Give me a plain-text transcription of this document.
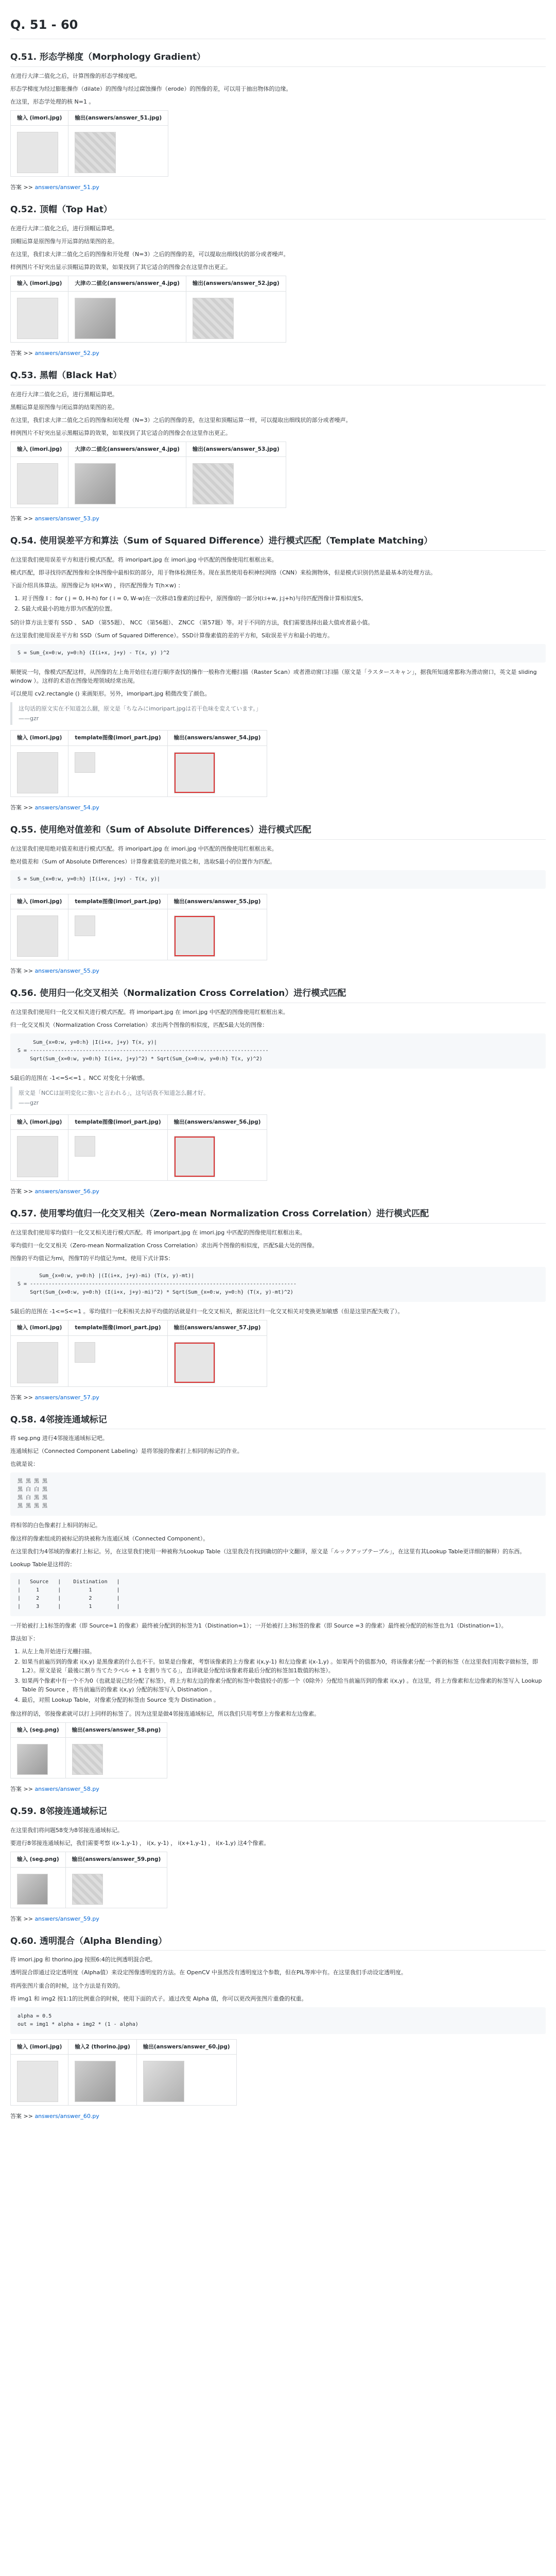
Q. 51 - 60
Q.51. 形态学梯度（Morphology Gradient）

在进行大津二值化之后，计算图像的形态学梯度吧。

形态学梯度为经过膨胀操作（dilate）的图像与经过腐蚀操作（erode）的图像的差，可以用于抽出物体的边缘。

在这里，形态学处理的核 N=1 。

输入 (imori.jpg)	输出(answers/answer_51.jpg)

答案 >> answers/answer_51.py

Q.52. 顶帽（Top Hat）

在进行大津二值化之后，进行顶帽运算吧。

顶帽运算是原图像与开运算的结果图的差。

在这里，我们求大津二值化之后的图像和开处理（N=3）之后的图像的差，可以提取出细线状的部分或者噪声。

样例图片不好突出显示顶帽运算的效果，如果找到了其它适合的图像会在这里作出更正。

输入 (imori.jpg)	大津の二値化(answers/answer_4.jpg)	输出(answers/answer_52.jpg)

答案 >> answers/answer_52.py

Q.53. 黑帽（Black Hat）

在进行大津二值化之后，进行黑帽运算吧。

黑帽运算是原图像与闭运算的结果图的差。

在这里，我们求大津二值化之后的图像和闭处理（N=3）之后的图像的差，在这里和顶帽运算一样，可以提取出细线状的部分或者噪声。

样例图片不好突出显示黑帽运算的效果，如果找到了其它适合的图像会在这里作出更正。

输入 (imori.jpg)	大津の二値化(answers/answer_4.jpg)	输出(answers/answer_53.jpg)

答案 >> answers/answer_53.py

Q.54. 使用误差平方和算法（Sum of Squared Difference）进行模式匹配（Template Matching）

在这里我们使用误差平方和进行模式匹配。将 imoripart.jpg 在 imori.jpg 中匹配的图像使用红框框出来。

模式匹配，即寻找待匹配图像和全体图像中最相似的部分，用于物体检测任务。现在虽然使用卷积神经网络（CNN）来检测物体，但是模式识别仍然是最基本的处理方法。

下面介绍具体算法。原图像记为 I(H×W) ，待匹配图像为 T(h×w) ：

1. 对于图像 I ：for ( j = 0, H-h) for ( i = 0, W-w)在一次移动1像素的过程中，原图像I的一部分I(i:i+w, j:j+h)与待匹配图像计算相似度S。
2. S最大或最小的地方即为匹配的位置。

S的计算方法主要有 SSD 、 SAD （第55题）、 NCC （第56题）、 ZNCC （第57题）等。对于不同的方法，我们需要选择出最大值或者最小值。

在这里我们使用误差平方和 SSD（Sum of Squared Difference）。SSD计算像素值的差的平方和，S取误差平方和最小的地方。

S = Sum_{x=0:w, y=0:h} (I(i+x, j+y) - T(x, y) )^2

顺便说一句，像模式匹配这样，从图像的左上角开始往右进行顺序查找的操作一般称作光栅扫描（Raster Scan）或者滑动窗口扫描（原文是「ラスタースキャン」，据我所知通常都称为滑动窗口，英文是 sliding window ）。这样的术语在图像处理领域经常出现。

可以使用 cv2.rectangle () 来画矩形。另外，imoripart.jpg 稍微改变了颜色。

这句话的原文实在不知道怎么翻，原文是「ちなみにimoripart.jpgは若干色味を変えています。」

——gzr

输入 (imori.jpg)	template图像(imori_part.jpg)	输出(answers/answer_54.jpg)

答案 >> answers/answer_54.py

Q.55. 使用绝对值差和（Sum of Absolute Differences）进行模式匹配

在这里我们使用绝对值差和进行模式匹配。将 imoripart.jpg 在 imori.jpg 中匹配的图像使用红框框出来。

绝对值差和（Sum of Absolute Differences）计算像素值差的绝对值之和，选取S最小的位置作为匹配。

S = Sum_{x=0:w, y=0:h} |I(i+x, j+y) - T(x, y)|
输入 (imori.jpg)	template图像(imori_part.jpg)	输出(answers/answer_55.jpg)

答案 >> answers/answer_55.py

Q.56. 使用归一化交叉相关（Normalization Cross Correlation）进行模式匹配

在这里我们使用归一化交叉相关进行模式匹配。将 imoripart.jpg 在 imori.jpg 中匹配的图像使用红框框出来。

归一化交叉相关（Normalization Cross Correlation）求出两个图像的相似度，匹配S最大处的图像：

Sum_{x=0:w, y=0:h} |I(i+x, j+y) T(x, y)|
S = -----------------------------------------------------------------------------
Sqrt(Sum_{x=0:w, y=0:h} I(i+x, j+y)^2) * Sqrt(Sum_{x=0:w, y=0:h} T(x, y)^2)

S最后的范围在 -1<=S<=1 。NCC 对变化十分敏感。

原文是「NCCは証明変化に強いと言われる」，这句话我不知道怎么翻才好。

——gzr

输入 (imori.jpg)	template图像(imori_part.jpg)	输出(answers/answer_56.jpg)

答案 >> answers/answer_56.py

Q.57. 使用零均值归一化交叉相关（Zero-mean Normalization Cross Correlation）进行模式匹配

在这里我们使用零均值归一化交叉相关进行模式匹配。将 imoripart.jpg 在 imori.jpg 中匹配的图像使用红框框出来。

零均值归一化交叉相关（Zero-mean Normalization Cross Correlation）求出两个图像的相似度，匹配S最大处的图像。

图像的平均值记为mi，图像T的平均值记为mt。使用下式计算S：

Sum_{x=0:w, y=0:h} |(I(i+x, j+y)-mi) (T(x, y)-mt)|
S = --------------------------------------------------------------------------------------
Sqrt(Sum_{x=0:w, y=0:h} (I(i+x, j+y)-mi)^2) * Sqrt(Sum_{x=0:w, y=0:h} (T(x, y)-mt)^2)

S最后的范围在 -1<=S<=1 。零均值归一化积相关去掉平均值的话就是归一化交叉相关，据说这比归一化交叉相关对变换更加敏感（但是这里匹配失败了）。

输入 (imori.jpg)	template图像(imori_part.jpg)	输出(answers/answer_57.jpg)

答案 >> answers/answer_57.py

Q.58. 4邻接连通域标记

将 seg.png 进行4邻接连通域标记吧。

连通域标记（Connected Component Labeling）是将邻接的像素打上相同的标记的作业。

也就是说：

黒 黒 黒 黒
黒 白 白 黒
黒 白 黒 黒
黒 黒 黒 黒

将相邻的白色像素打上相同的标记。

像这样的像素组成的被标记的块被称为连通区域（Connected Component）。

在这里我们为4邻域的像素打上标记。另，在这里我们使用一种被称为Lookup Table（这里我没有找到确切的中文翻译，原文是「ルックアップテーブル」，在这里有其Lookup Table更详细的解释）的东西。

Lookup Table是这样的：

|   Source   |    Distination   |
|     1      |         1        |
|     2      |         2        |
|     3      |         1        |

一开始被打上1标签的像素（即 Source=1 的像素）最终被分配到的标签为1（Distination=1）；一开始被打上3标签的像素（即 Source =3 的像素）最终被分配的的标签也为1（Distination=1）。

算法如下：

1. 从左上角开始进行光栅扫描。
2. 如果当前遍历到的像素 i(x,y) 是黑像素的什么也不干。如果是白像素，考察该像素的上方像素 i(x,y-1) 和左边像素 i(x-1,y) 。如果两个的值都为0，将该像素分配一个新的标签（在这里我们用数字做标签，即1,2）。原文是说「最後に割り当てたラベル + 1 を割り当てる」，直译就是分配给该像素将最后分配的标签加1数值的标签）。
3. 如果两个像素中有一个不为0（也就是说已经分配了标签），将上方和左边的像素分配的标签中数值较小的那一个（0除外）分配给当前遍历到的像素 i(x,y) 。在这里，将上方像素和左边像素的标签写入 Lookup Table 的 Source ，将当前遍历的像素 i(x,y) 分配的标签写入 Distination 。
4. 最后，对照 Lookup Table，对像素分配的标签由 Source 变为 Distination 。

像这样的话，邻接像素就可以打上同样的标签了。因为这里是做4邻接连通域标记，所以我们只用考察上方像素和左边像素。

输入 (seg.png)	输出(answers/answer_58.png)

答案 >> answers/answer_58.py

Q.59. 8邻接连通域标记

在这里我们将问题58变为8邻接连通域标记。

要进行8邻接连通域标记，我们需要考察 i(x-1,y-1) ， i(x, y-1) ， i(x+1,y-1) ， i(x-1,y) 这4个像素。

输入 (seg.png)	输出(answers/answer_59.png)

答案 >> answers/answer_59.py

Q.60. 透明混合（Alpha Blending）

将 imori.jpg 和 thorino.jpg 按照6:4的比例透明混合吧。

透明混合即通过设定透明度（Alpha值）来设定图像透明度的方法。在 OpenCV 中虽然没有透明度这个参数，但在PIL等库中有。在这里我们手动设定透明度。

将两张图片重合的时候，这个方法是有效的。

将 img1 和 img2 按1:1的比例重合的时候，使用下面的式子。通过改变 Alpha 值，你可以更改两张图片重叠的权重。

alpha = 0.5
out = img1 * alpha + img2 * (1 - alpha)
输入 (imori.jpg)	输入2 (thorino.jpg)	输出(answers/answer_60.jpg)

答案 >> answers/answer_60.py
